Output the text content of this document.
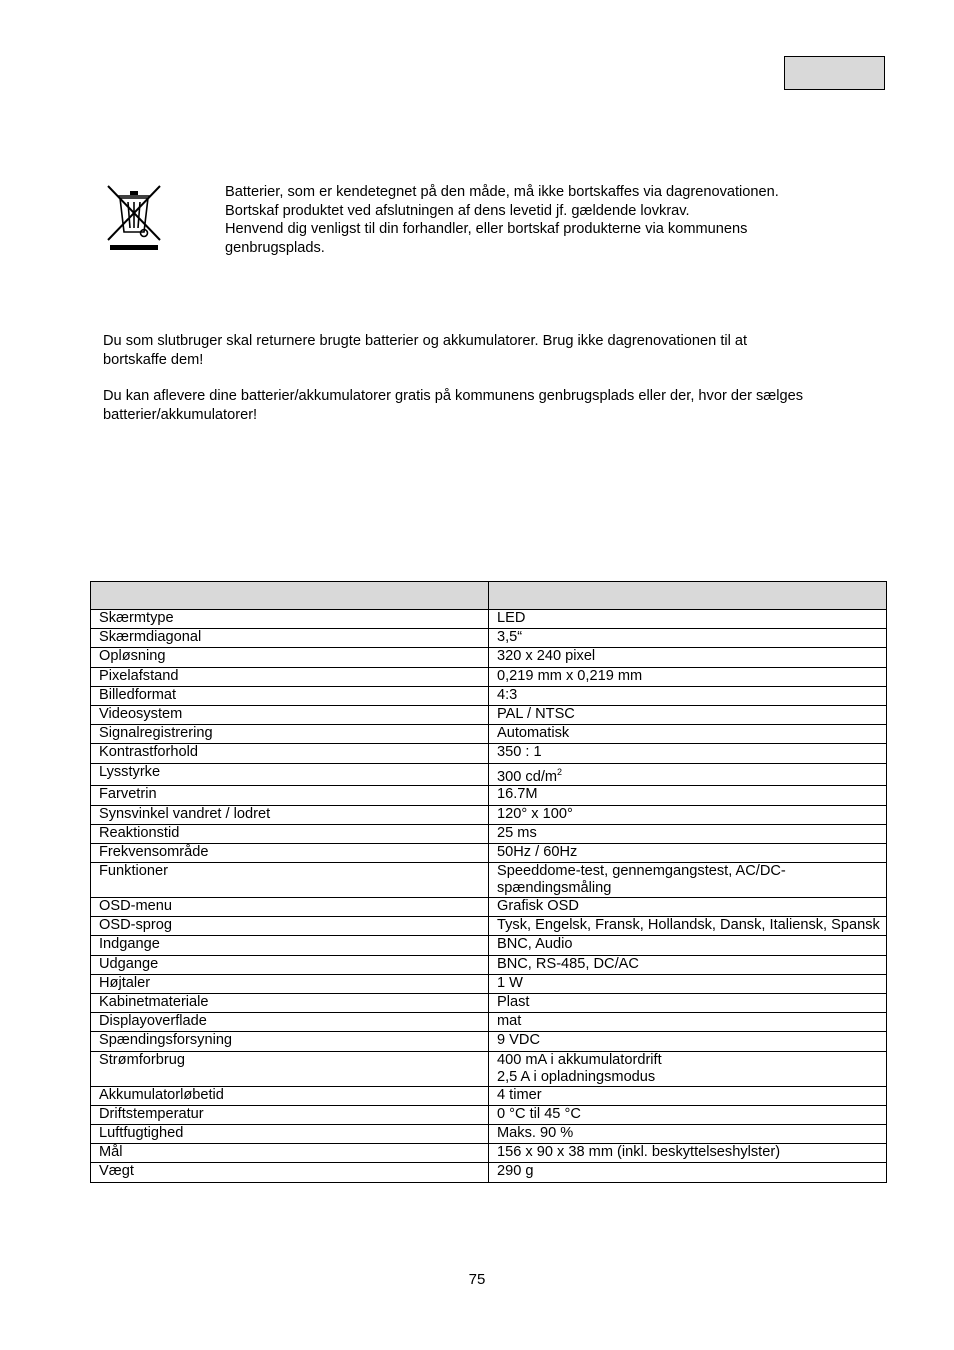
Batterier, som er kendetegnet på den måde, må ikke bortskaffes via dagrenovationen.
Bortskaf produktet ved afslutningen af dens levetid jf. gældende lovkrav.
Henvend dig venligst til din forhandler, eller bortskaf produkterne via kommunens
genbrugsplads.
Du som slutbruger skal returnere brugte batterier og akkumulatorer. Brug ikke dagrenovationen til at
bortskaffe dem!
Du kan aflevere dine batterier/akkumulatorer gratis på kommunens genbrugsplads eller der, hvor der sælges
batterier/akkumulatorer!

Skærmtype	LED
Skærmdiagonal	3,5“
Opløsning	320 x 240 pixel
Pixelafstand	0,219 mm x 0,219 mm
Billedformat	4:3
Videosystem	PAL / NTSC
Signalregistrering	Automatisk
Kontrastforhold	350 : 1
Lysstyrke	300 $cd/m^2$
Farvetrin	16.7M
Synsvinkel vandret / lodret	120° x 100°
Reaktionstid	25 ms
Frekvensområde	50Hz / 60Hz
Funktioner	Speeddome-test, gennemgangstest, AC/DC-spændingsmåling
OSD-menu	Grafisk OSD
OSD-sprog	Tysk, Engelsk, Fransk, Hollandsk, Dansk, Italiensk, Spansk
Indgange	BNC, Audio
Udgange	BNC, RS-485, DC/AC
Højtaler	1 W
Kabinetmateriale	Plast
Displayoverflade	mat
Spændingsforsyning	9 VDC
Strømforbrug	400 mA i akkumulatordrift
2,5 A i opladningsmodus
Akkumulatorløbetid	4 timer
Driftstemperatur	0 °C til 45 °C
Luftfugtighed	Maks. 90 %
Mål	156 x 90 x 38 mm (inkl. beskyttelseshylster)
Vægt	290 g
75
